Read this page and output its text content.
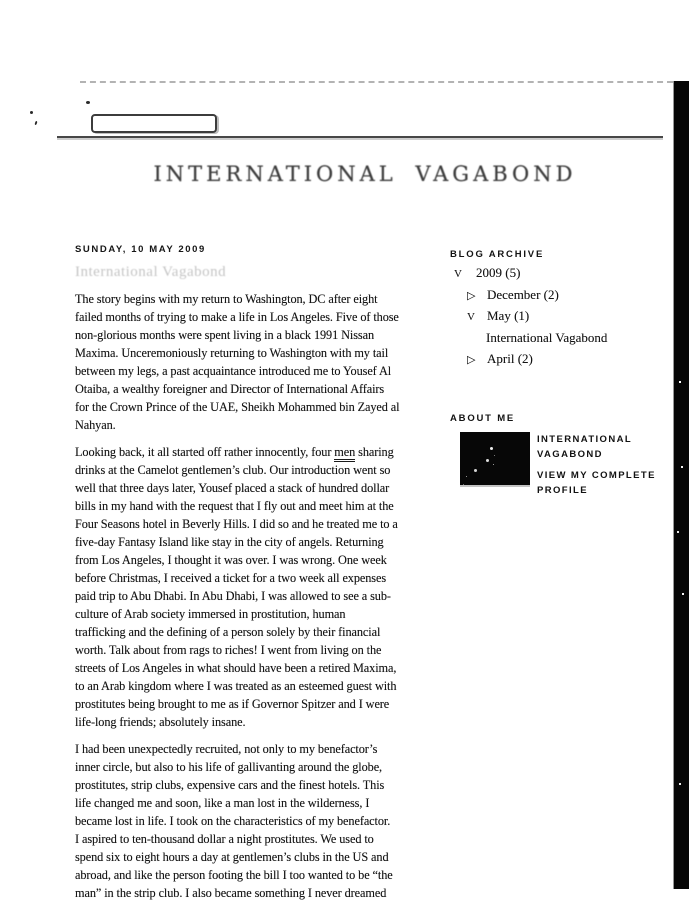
INTERNATIONAL VAGABOND
SUNDAY, 10 MAY 2009
International Vagabond

The story begins with my return to Washington, DC after eight
failed months of trying to make a life in Los Angeles. Five of those
non-glorious months were spent living in a black 1991 Nissan
Maxima. Unceremoniously returning to Washington with my tail
between my legs, a past acquaintance introduced me to Yousef Al
Otaiba, a wealthy foreigner and Director of International Affairs
for the Crown Prince of the UAE, Sheikh Mohammed bin Zayed al
Nahyan.

Looking back, it all started off rather innocently, four men sharing
drinks at the Camelot gentlemen’s club. Our introduction went so
well that three days later, Yousef placed a stack of hundred dollar
bills in my hand with the request that I fly out and meet him at the
Four Seasons hotel in Beverly Hills. I did so and he treated me to a
five-day Fantasy Island like stay in the city of angels. Returning
from Los Angeles, I thought it was over. I was wrong. One week
before Christmas, I received a ticket for a two week all expenses
paid trip to Abu Dhabi. In Abu Dhabi, I was allowed to see a sub-
culture of Arab society immersed in prostitution, human
trafficking and the defining of a person solely by their financial
worth. Talk about from rags to riches! I went from living on the
streets of Los Angeles in what should have been a retired Maxima,
to an Arab kingdom where I was treated as an esteemed guest with
prostitutes being brought to me as if Governor Spitzer and I were
life-long friends; absolutely insane.

I had been unexpectedly recruited, not only to my benefactor’s
inner circle, but also to his life of gallivanting around the globe,
prostitutes, strip clubs, expensive cars and the finest hotels. This
life changed me and soon, like a man lost in the wilderness, I
became lost in life. I took on the characteristics of my benefactor.
I aspired to ten-thousand dollar a night prostitutes. We used to
spend six to eight hours a day at gentlemen’s clubs in the US and
abroad, and like the person footing the bill I too wanted to be “the
man” in the strip club. I also became something I never dreamed

BLOG ARCHIVE
V	2009 (5)
▷ December (2)
V May (1)
International Vagabond
▷ April (2)
ABOUT ME
INTERNATIONAL
VAGABOND
VIEW MY COMPLETE
PROFILE
